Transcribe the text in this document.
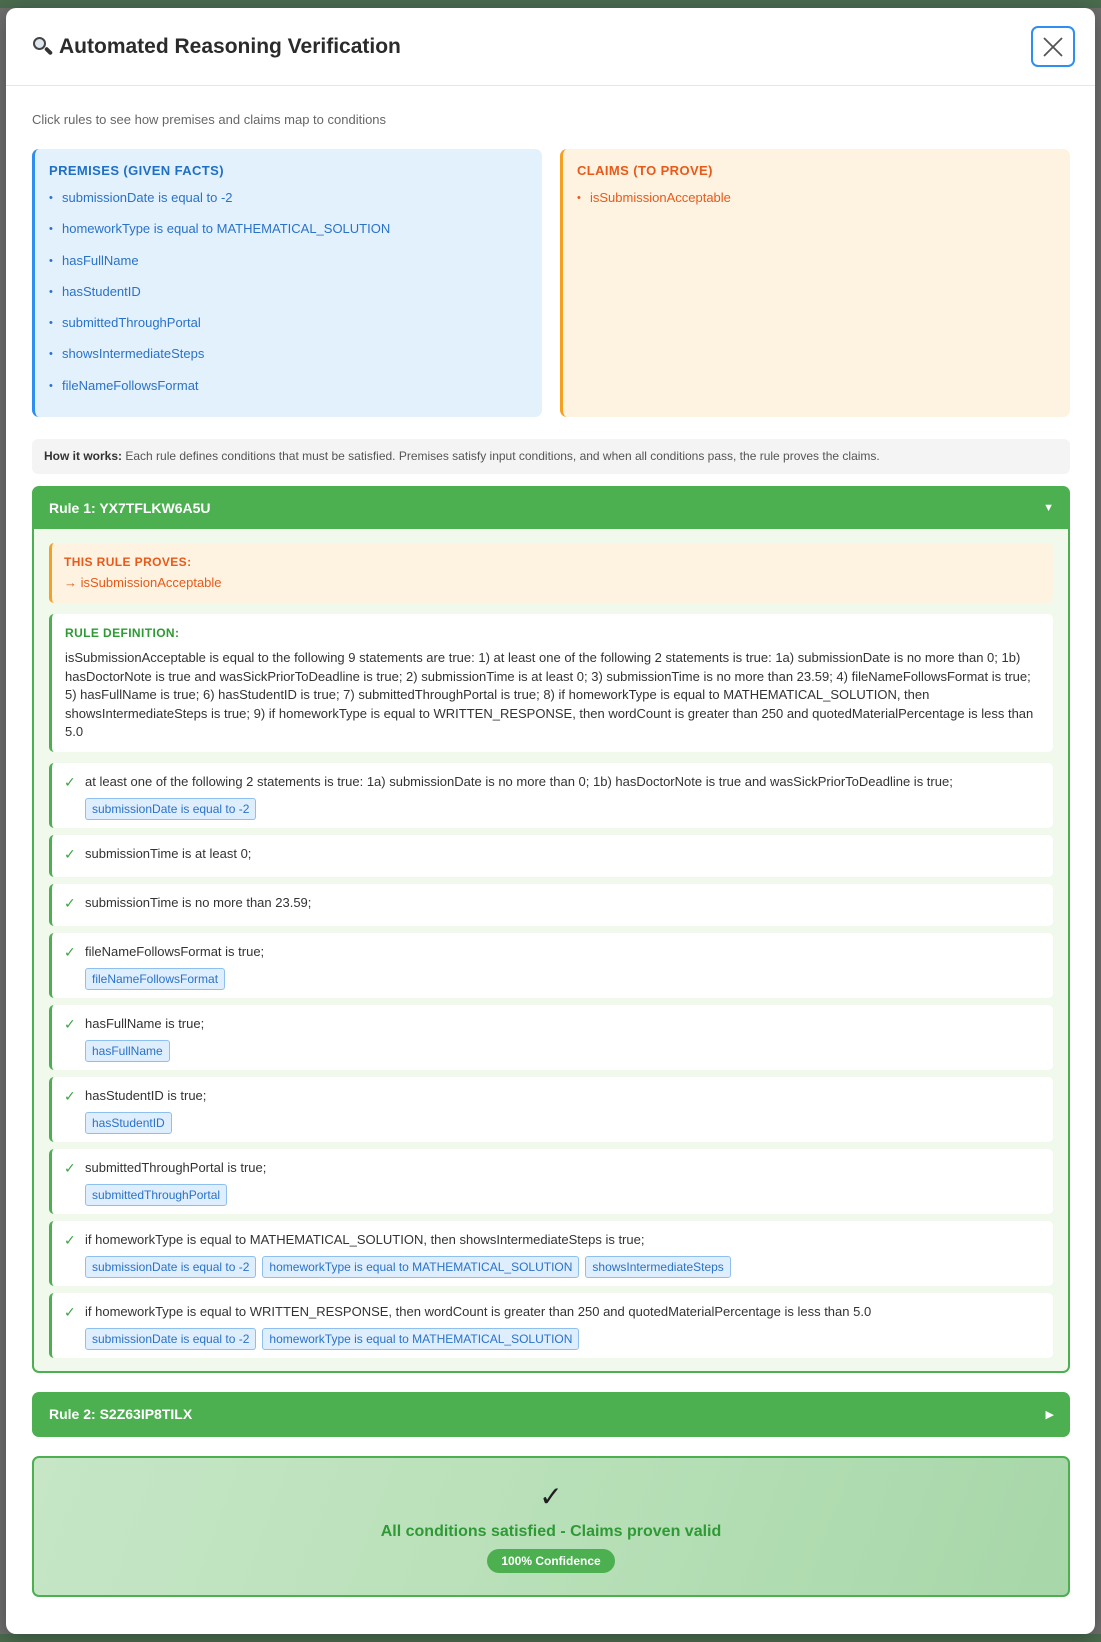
Automated Reasoning Verification
Click rules to see how premises and claims map to conditions
PREMISES (GIVEN FACTS)
• submissionDate is equal to -2
• homeworkType is equal to MATHEMATICAL_SOLUTION
• hasFullName
• hasStudentID
• submittedThroughPortal
• showsIntermediateSteps
• fileNameFollowsFormat
CLAIMS (TO PROVE)
• isSubmissionAcceptable
How it works: Each rule defines conditions that must be satisfied. Premises satisfy input conditions, and when all conditions pass, the rule proves the claims.
Rule 1: YX7TFLKW6A5U	▼
THIS RULE PROVES:
→ isSubmissionAcceptable
RULE DEFINITION:
isSubmissionAcceptable is equal to the following 9 statements are true: 1) at least one of the following 2 statements is true: 1a) submissionDate is no more than 0; 1b) hasDoctorNote is true and wasSickPriorToDeadline is true; 2) submissionTime is at least 0; 3) submissionTime is no more than 23.59; 4) fileNameFollowsFormat is true; 5) hasFullName is true; 6) hasStudentID is true; 7) submittedThroughPortal is true; 8) if homeworkType is equal to MATHEMATICAL_SOLUTION, then showsIntermediateSteps is true; 9) if homeworkType is equal to WRITTEN_RESPONSE, then wordCount is greater than 250 and quotedMaterialPercentage is less than 5.0
✓ at least one of the following 2 statements is true: 1a) submissionDate is no more than 0; 1b) hasDoctorNote is true and wasSickPriorToDeadline is true;
submissionDate is equal to -2
✓ submissionTime is at least 0;
✓ submissionTime is no more than 23.59;
✓ fileNameFollowsFormat is true;
fileNameFollowsFormat
✓ hasFullName is true;
hasFullName
✓ hasStudentID is true;
hasStudentID
✓ submittedThroughPortal is true;
submittedThroughPortal
✓ if homeworkType is equal to MATHEMATICAL_SOLUTION, then showsIntermediateSteps is true;
submissionDate is equal to -2	homeworkType is equal to MATHEMATICAL_SOLUTION	showsIntermediateSteps
✓ if homeworkType is equal to WRITTEN_RESPONSE, then wordCount is greater than 250 and quotedMaterialPercentage is less than 5.0
submissionDate is equal to -2	homeworkType is equal to MATHEMATICAL_SOLUTION
Rule 2: S2Z63IP8TILX	▶
✓
All conditions satisfied - Claims proven valid
100% Confidence
